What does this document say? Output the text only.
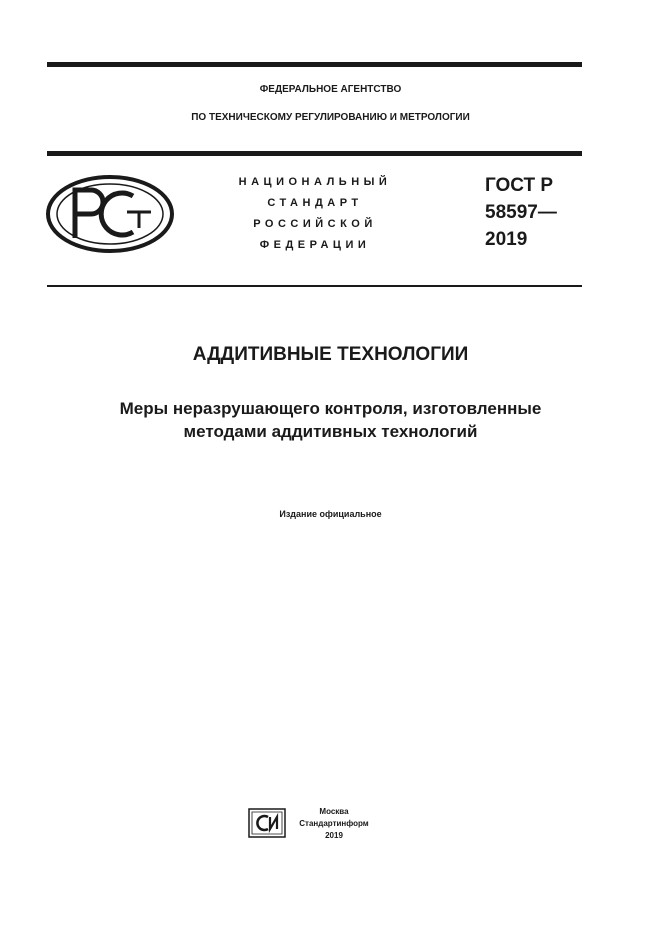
ФЕДЕРАЛЬНОЕ АГЕНТСТВО
ПО ТЕХНИЧЕСКОМУ РЕГУЛИРОВАНИЮ И МЕТРОЛОГИИ
НАЦИОНАЛЬНЫЙ
СТАНДАРТ
РОССИЙСКОЙ
ФЕДЕРАЦИИ
ГОСТ Р
58597—
2019
АДДИТИВНЫЕ ТЕХНОЛОГИИ
Меры неразрушающего контроля, изготовленные
методами аддитивных технологий
Издание официальное
Москва
Стандартинформ
2019
